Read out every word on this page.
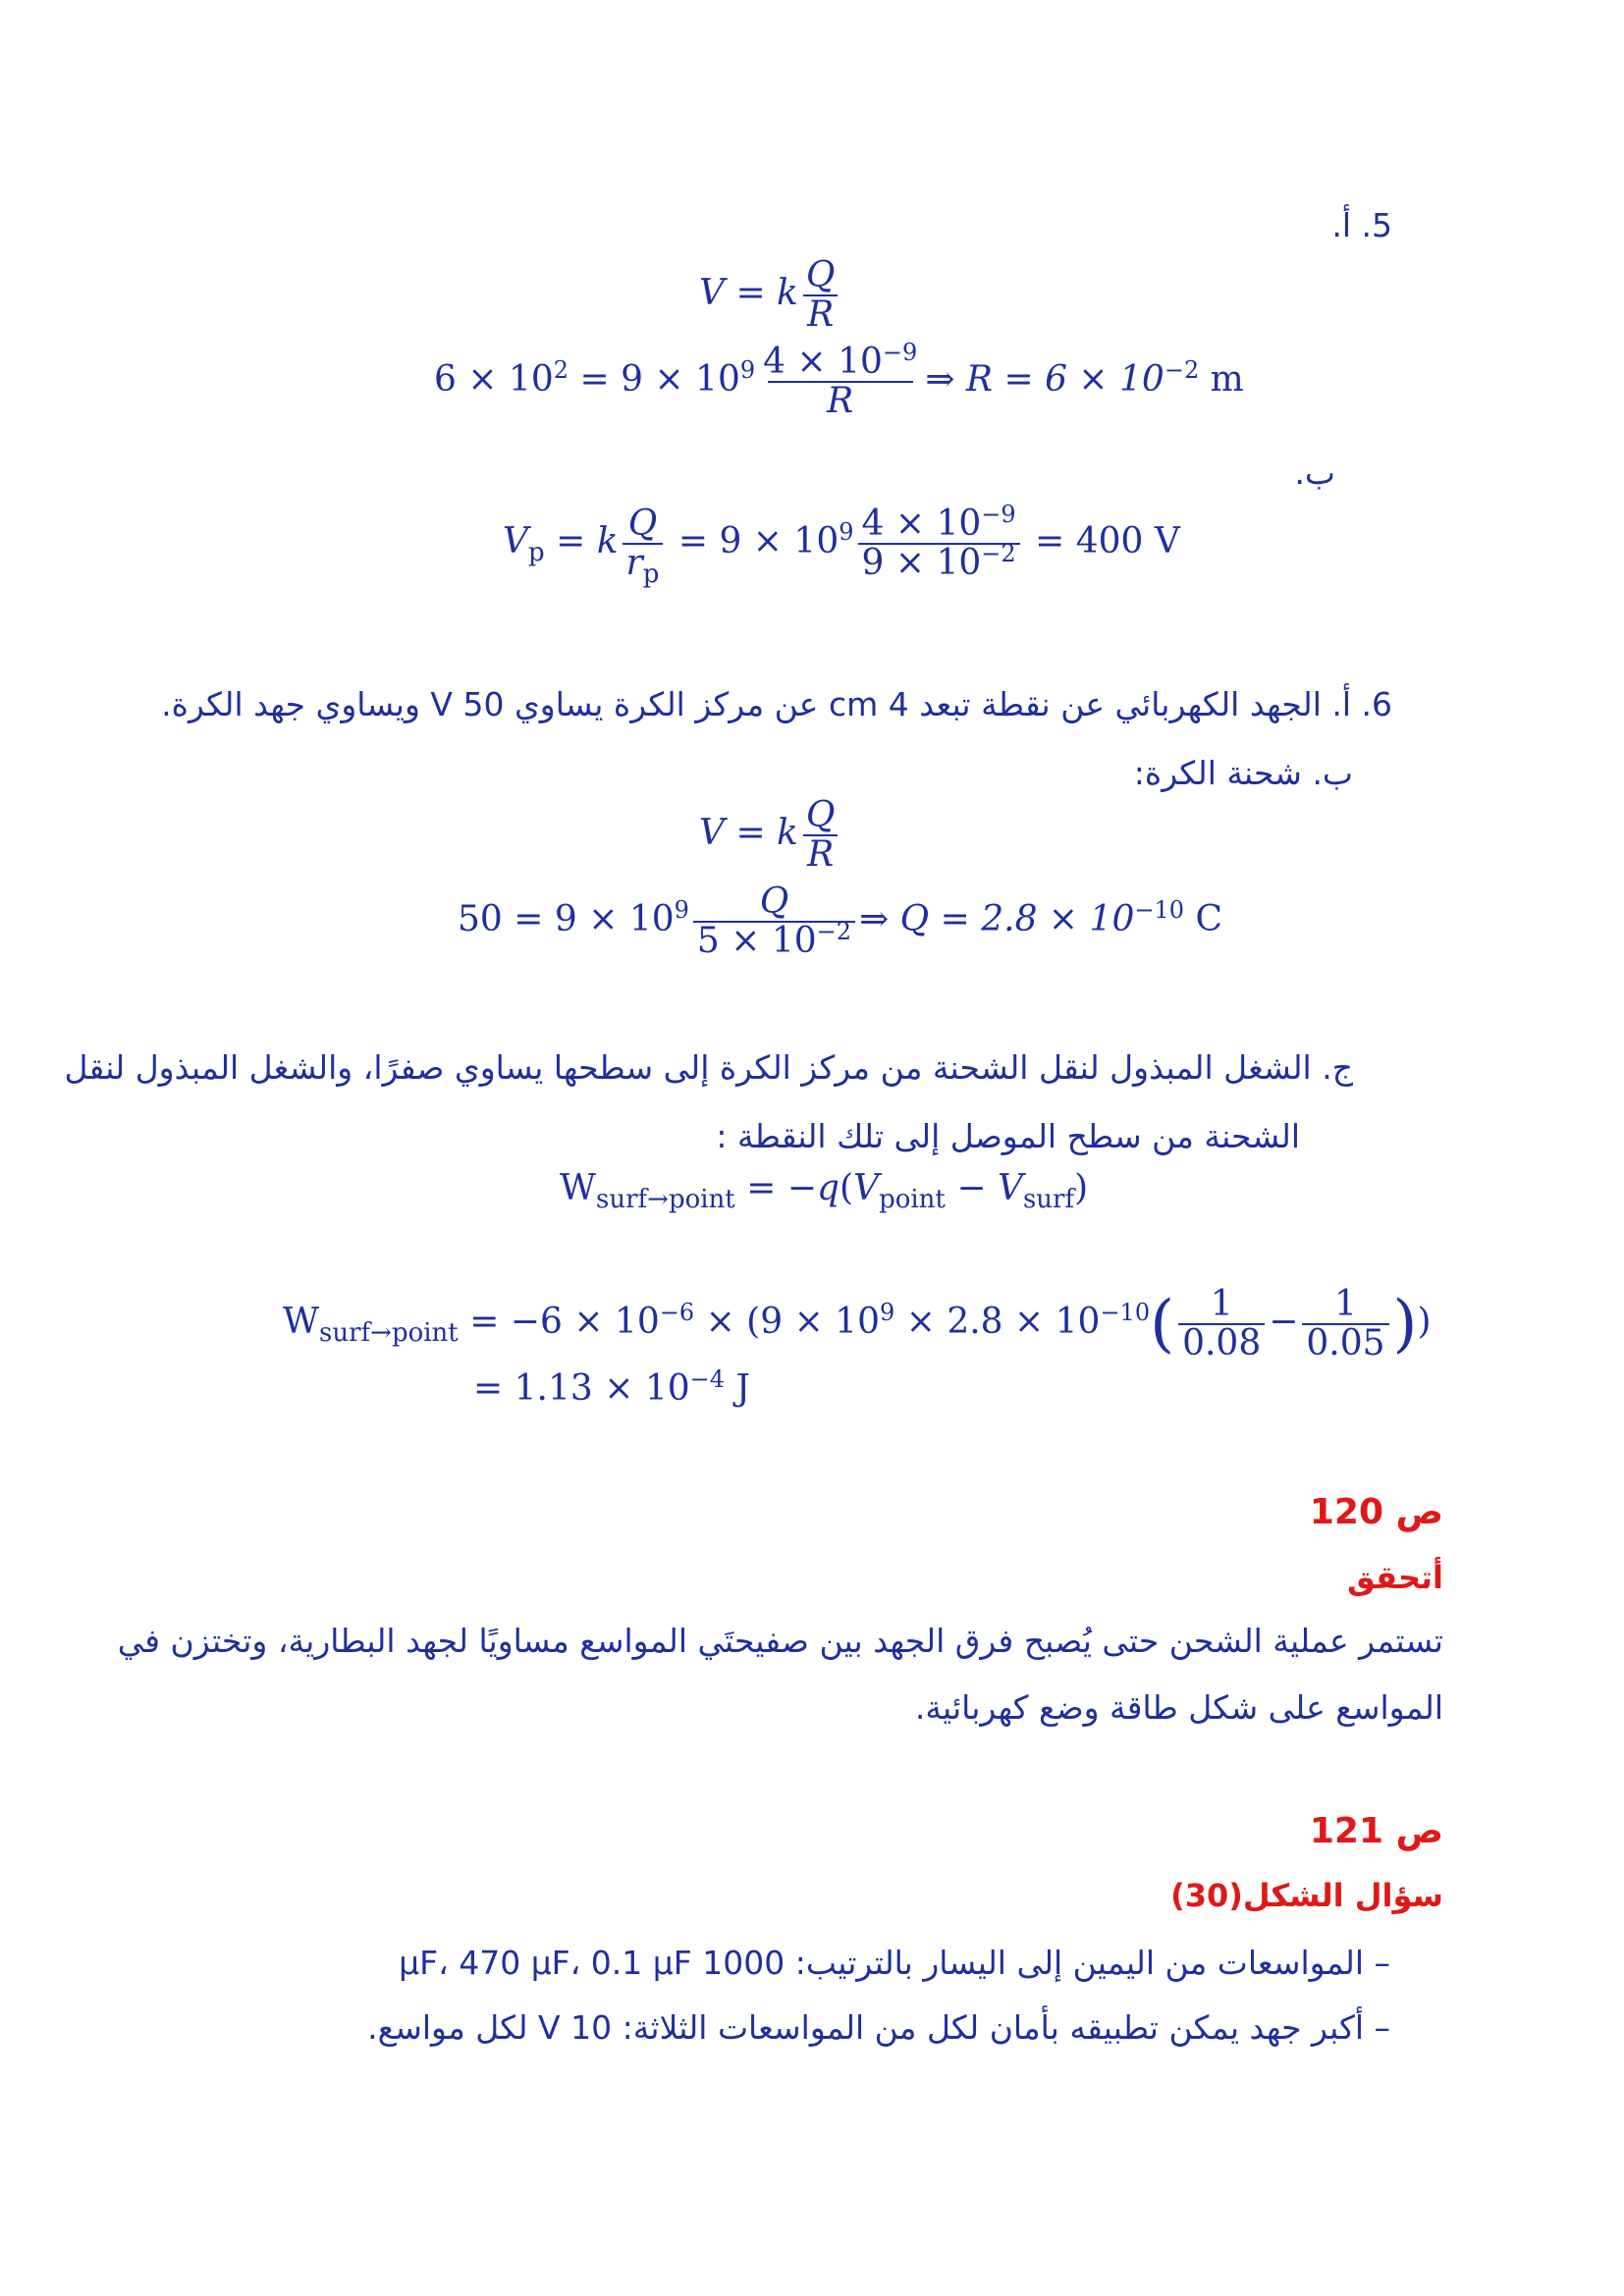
5. أ.
V = k $\frac{Q}{R}$
$6 \times 10^2 = 9 \times 10^9 \frac{4 \times 10^{-9}}{R}$ ⇒ $R = 6 \times 10^{-2}$ m
ب.
$V_p = k \frac{Q}{r_p} = 9 \times 10^9 \frac{4 \times 10^{-9}}{9 \times 10^{-2}} = 400$ V
6. أ. الجهد الكهربائي عن نقطة تبعد 4 cm عن مركز الكرة يساوي 50 V ويساوي جهد الكرة.
ب. شحنة الكرة:
V = k $\frac{Q}{R}$
$50 = 9 \times 10^9 \frac{Q}{5 \times 10^{-2}}$ ⇒ $Q = 2.8 \times 10^{-10}$ C
ج. الشغل المبذول لنقل الشحنة من مركز الكرة إلى سطحها يساوي صفرًا، والشغل المبذول لنقل
الشحنة من سطح الموصل إلى تلك النقطة :
$W_{surf\to point} = -q(V_{point} - V_{surf})$
$W_{surf\to point} = -6 \times 10^{-6} \times (9 \times 10^9 \times 2.8 \times 10^{-10}( \frac{1}{0.08} - \frac{1}{0.05}$ ))
= $1.13 \times 10^{-4}$ J
ص 120
أتحقق
تستمر عملية الشحن حتى يُصبح فرق الجهد بين صفيحتَي المواسع مساويًا لجهد البطارية، وتختزن في
المواسع على شكل طاقة وضع كهربائية.
ص 121
سؤال الشكل(30)
– المواسعات من اليمين إلى اليسار بالترتيب: 1000 μF، 470 μF، 0.1 μF
– أكبر جهد يمكن تطبيقه بأمان لكل من المواسعات الثلاثة: 10 V لكل مواسع.
